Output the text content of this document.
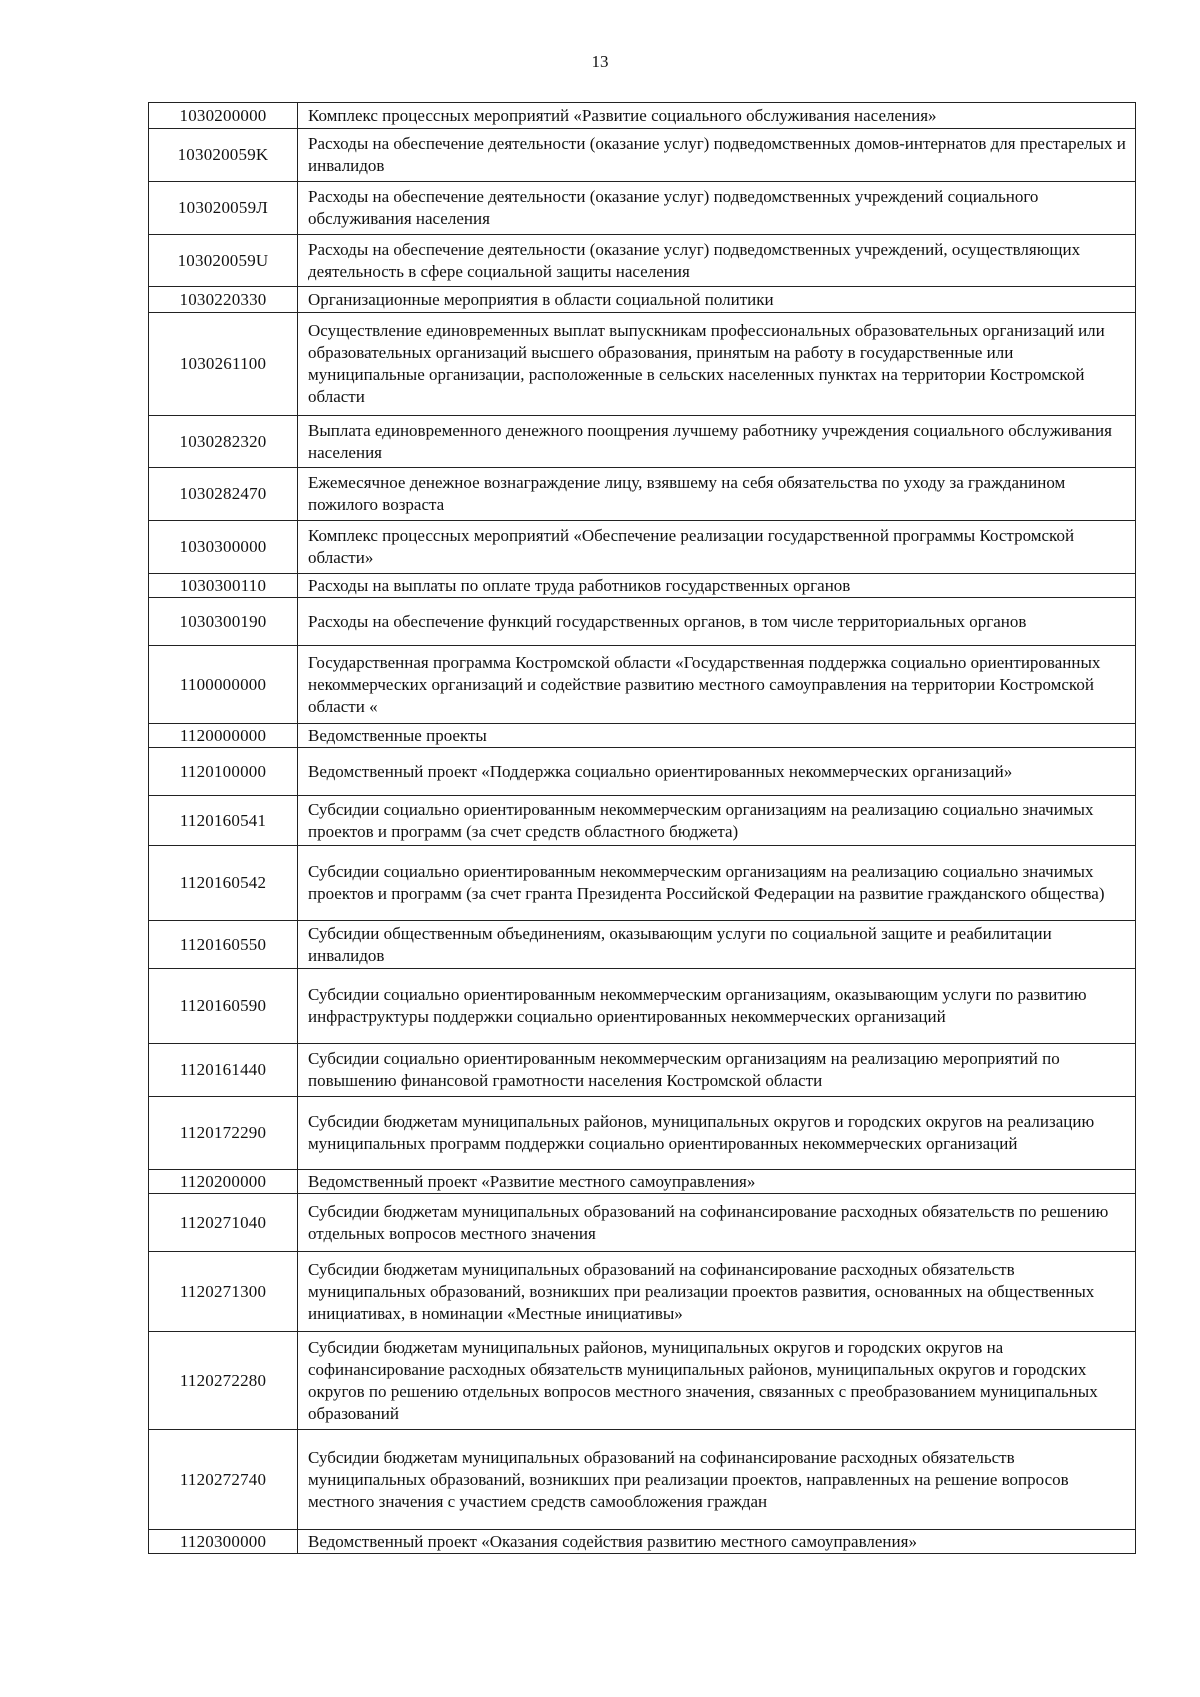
13
1030200000	Комплекс процессных мероприятий «Развитие социального обслуживания населения»
103020059K	Расходы на обеспечение деятельности (оказание услуг) подведомственных домов-интернатов для престарелых и инвалидов
103020059Л	Расходы на обеспечение деятельности (оказание услуг) подведомственных учреждений социального обслуживания населения
103020059U	Расходы на обеспечение деятельности (оказание услуг) подведомственных учреждений, осуществляющих деятельность в сфере социальной защиты населения
1030220330	Организационные мероприятия в области социальной политики
1030261100	Осуществление единовременных выплат выпускникам профессиональных образовательных организаций или образовательных организаций высшего образования, принятым на работу в государственные или муниципальные организации, расположенные в сельских населенных пунктах на территории Костромской области
1030282320	Выплата единовременного денежного поощрения лучшему работнику учреждения социального обслуживания населения
1030282470	Ежемесячное денежное вознаграждение лицу, взявшему на себя обязательства по уходу за гражданином пожилого возраста
1030300000	Комплекс процессных мероприятий «Обеспечение реализации государственной программы Костромской области»
1030300110	Расходы на выплаты по оплате труда работников государственных органов
1030300190	Расходы на обеспечение функций государственных органов, в том числе территориальных органов
1100000000	Государственная программа Костромской области «Государственная поддержка социально ориентированных некоммерческих организаций и содействие развитию местного самоуправления на территории Костромской области «
1120000000	Ведомственные проекты
1120100000	Ведомственный проект «Поддержка социально ориентированных некоммерческих организаций»
1120160541	Субсидии социально ориентированным некоммерческим организациям на реализацию социально значимых проектов и программ (за счет средств областного бюджета)
1120160542	Субсидии социально ориентированным некоммерческим организациям на реализацию социально значимых проектов и программ (за счет гранта Президента Российской Федерации на развитие гражданского общества)
1120160550	Субсидии общественным объединениям, оказывающим услуги по социальной защите и реабилитации инвалидов
1120160590	Субсидии социально ориентированным некоммерческим организациям, оказывающим услуги по развитию инфраструктуры поддержки социально ориентированных некоммерческих организаций
1120161440	Субсидии социально ориентированным некоммерческим организациям на реализацию мероприятий по повышению финансовой грамотности населения Костромской области
1120172290	Субсидии бюджетам муниципальных районов, муниципальных округов и городских округов на реализацию муниципальных программ поддержки социально ориентированных некоммерческих организаций
1120200000	Ведомственный проект «Развитие местного самоуправления»
1120271040	Субсидии бюджетам муниципальных образований на софинансирование расходных обязательств по решению отдельных вопросов местного значения
1120271300	Субсидии бюджетам муниципальных образований на софинансирование расходных обязательств муниципальных образований, возникших при реализации проектов развития, основанных на общественных инициативах, в номинации «Местные инициативы»
1120272280	Субсидии бюджетам муниципальных районов, муниципальных округов и городских округов на софинансирование расходных обязательств муниципальных районов, муниципальных округов и городских округов по решению отдельных вопросов местного значения, связанных с преобразованием муниципальных образований
1120272740	Субсидии бюджетам муниципальных образований на софинансирование расходных обязательств муниципальных образований, возникших при реализации проектов, направленных на решение вопросов местного значения с участием средств самообложения граждан
1120300000	Ведомственный проект «Оказания содействия развитию местного самоуправления»
